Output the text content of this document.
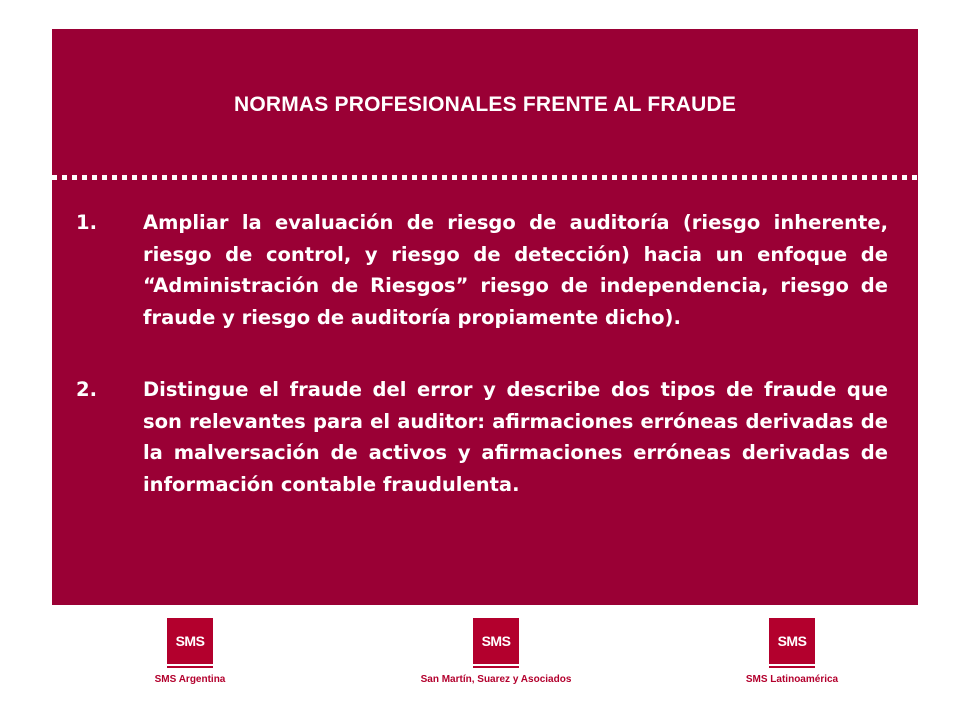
NORMAS PROFESIONALES FRENTE AL FRAUDE
1.	Ampliar la evaluación de riesgo de auditoría (riesgo inherente, riesgo de control, y riesgo de detección) hacia un enfoque de “Administración de Riesgos” riesgo de independencia, riesgo de fraude y riesgo de auditoría propiamente dicho).
2.	Distingue el fraude del error y describe dos tipos de fraude que son relevantes para el auditor: afirmaciones erróneas derivadas de la malversación de activos y afirmaciones erróneas derivadas de información contable fraudulenta.
SMS
SMS Argentina
SMS
San Martín, Suarez y Asociados
SMS
SMS Latinoamérica
